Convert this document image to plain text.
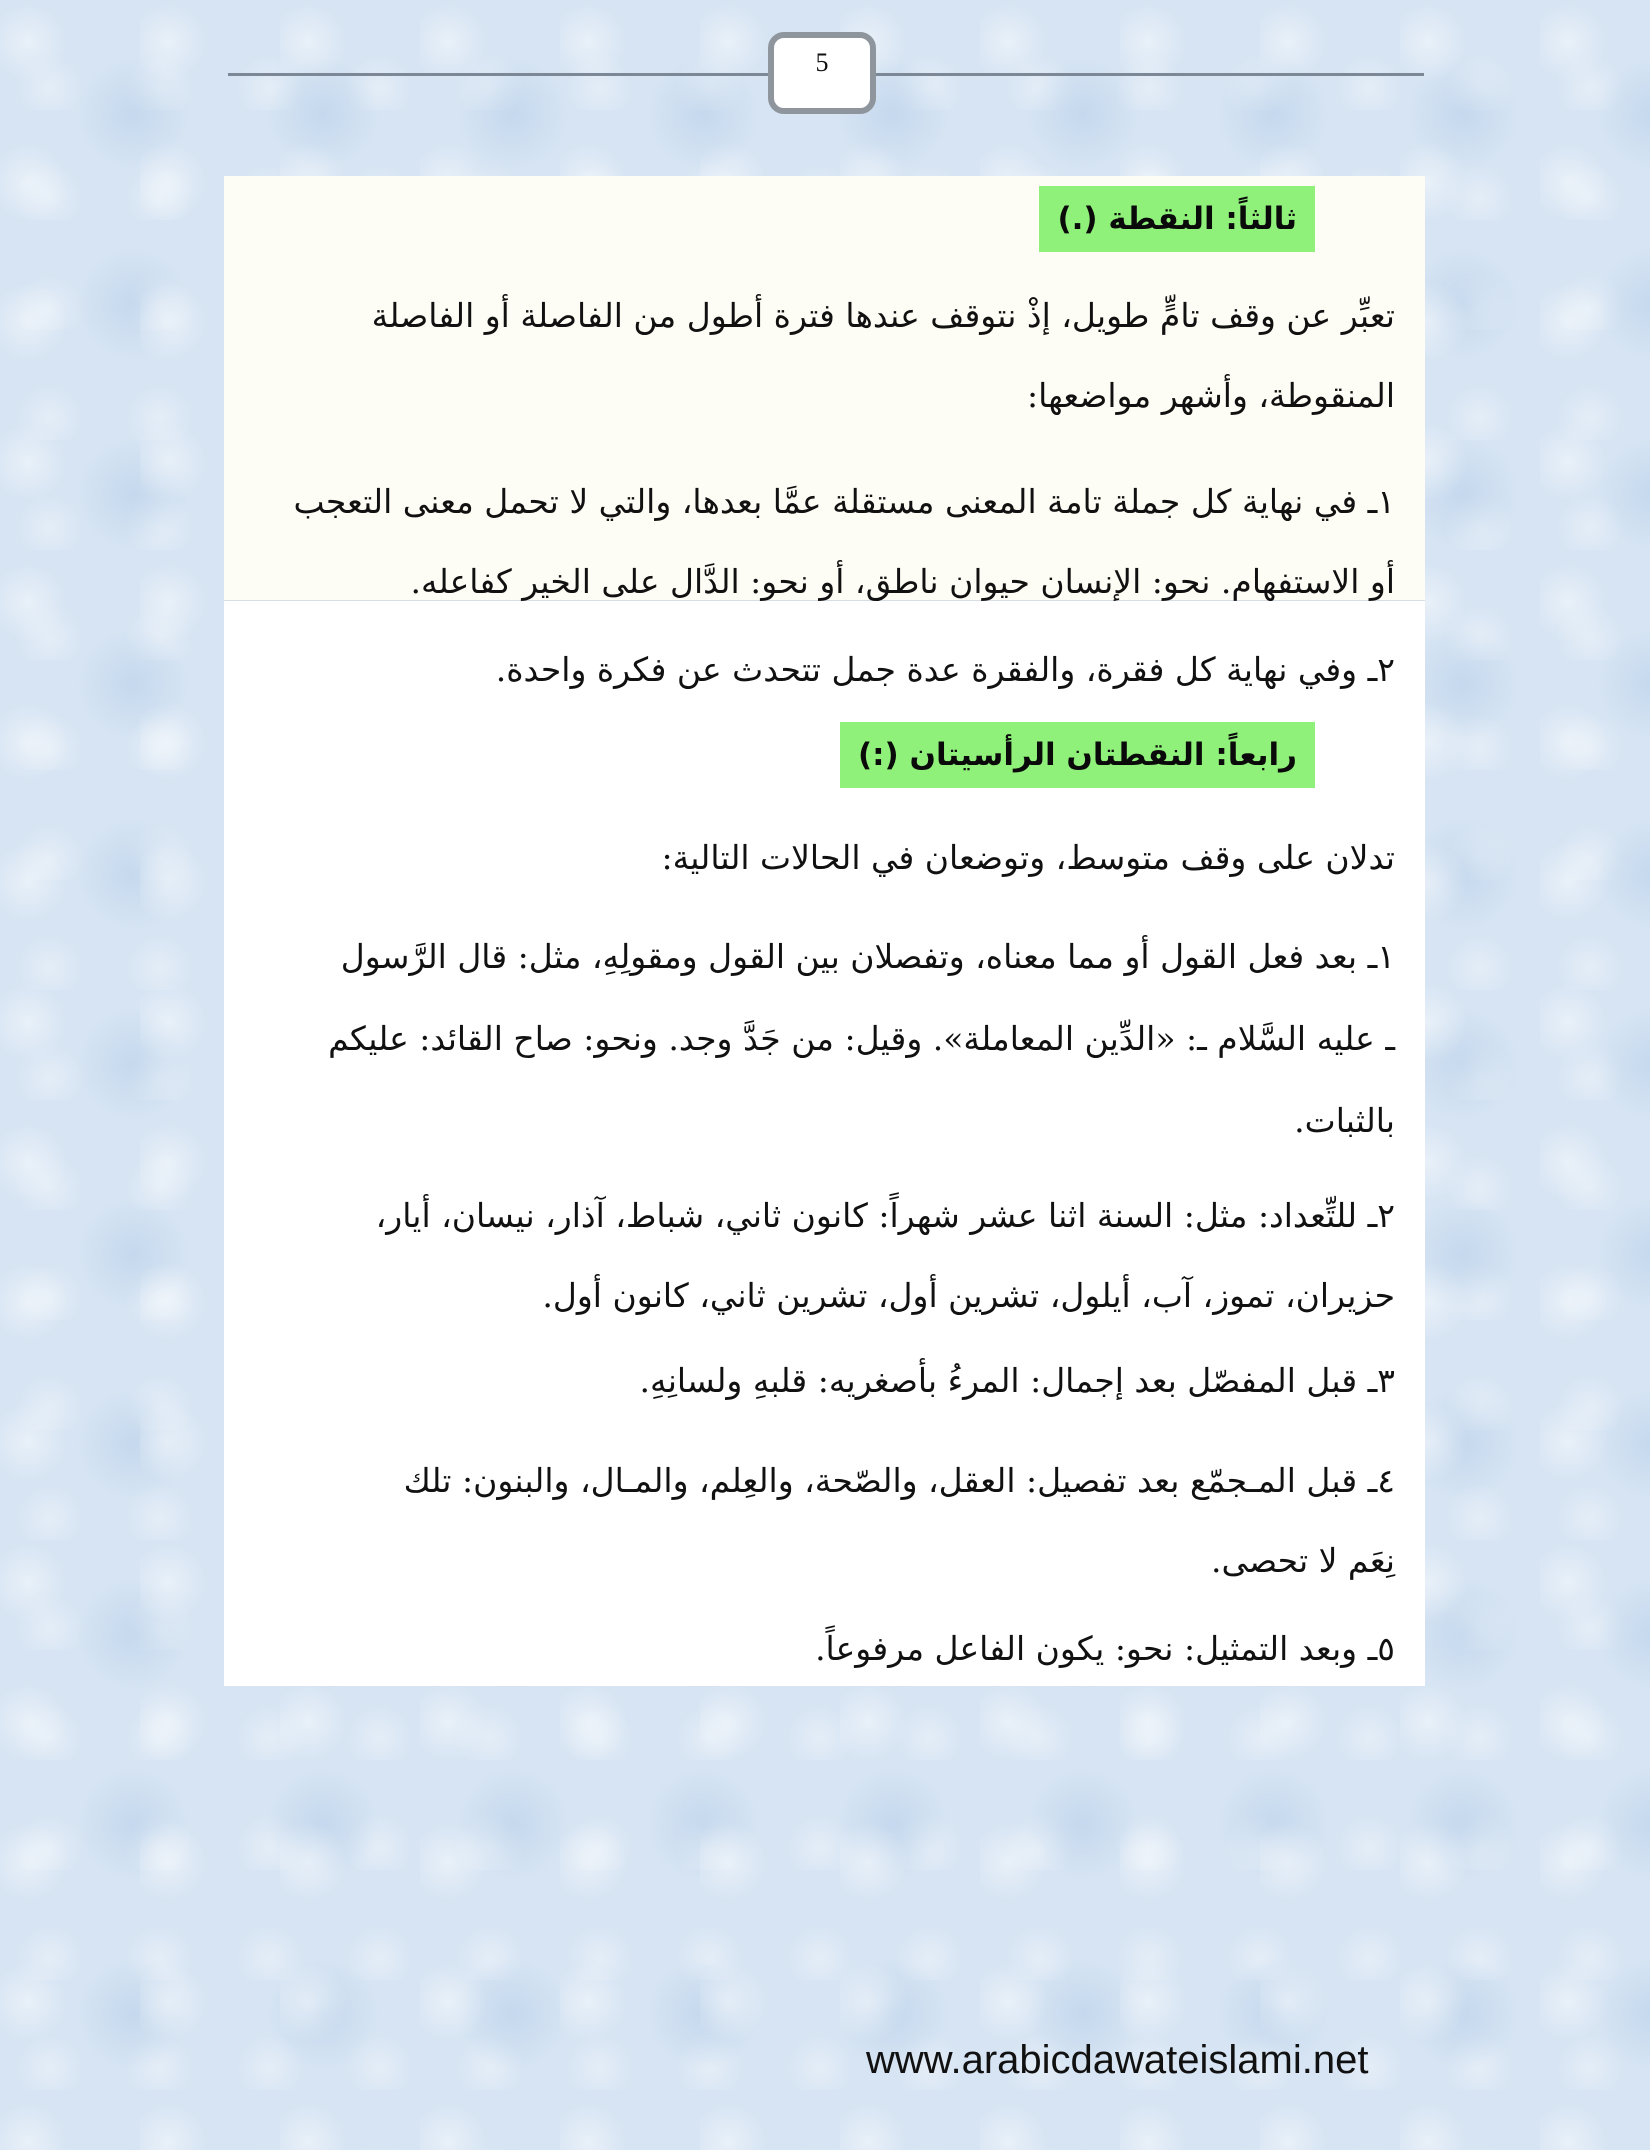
5
ثالثاً: النقطة (.)

تعبِّر عن وقف تامٍّ طويل، إذْ نتوقف عندها فترة أطول من الفاصلة أو الفاصلة
المنقوطة، وأشهر مواضعها:

١ـ في نهاية كل جملة تامة المعنى مستقلة عمَّا بعدها، والتي لا تحمل معنى التعجب
أو الاستفهام. نحو: الإنسان حيوان ناطق، أو نحو: الدَّال على الخير كفاعله.

٢ـ وفي نهاية كل فقرة، والفقرة عدة جمل تتحدث عن فكرة واحدة.

رابعاً: النقطتان الرأسيتان (:)

تدلان على وقف متوسط، وتوضعان في الحالات التالية:

١ـ بعد فعل القول أو مما معناه، وتفصلان بين القول ومقولِهِ، مثل: قال الرَّسول
ـ عليه السَّلام ـ: «الدِّين المعاملة». وقيل: من جَدَّ وجد. ونحو: صاح القائد: عليكم
بالثبات.

٢ـ للتِّعداد: مثل: السنة اثنا عشر شهراً: كانون ثاني، شباط، آذار، نيسان، أيار،
حزيران، تموز، آب، أيلول، تشرين أول، تشرين ثاني، كانون أول.

٣ـ قبل المفصّل بعد إجمال: المرءُ بأصغريه: قلبهِ ولسانِهِ.

٤ـ قبل المـجمّع بعد تفصيل: العقل، والصّحة، والعِلم، والمـال، والبنون: تلك
نِعَم لا تحصى.

٥ـ وبعد التمثيل: نحو: يكون الفاعل مرفوعاً.

www.arabicdawateislami.net
